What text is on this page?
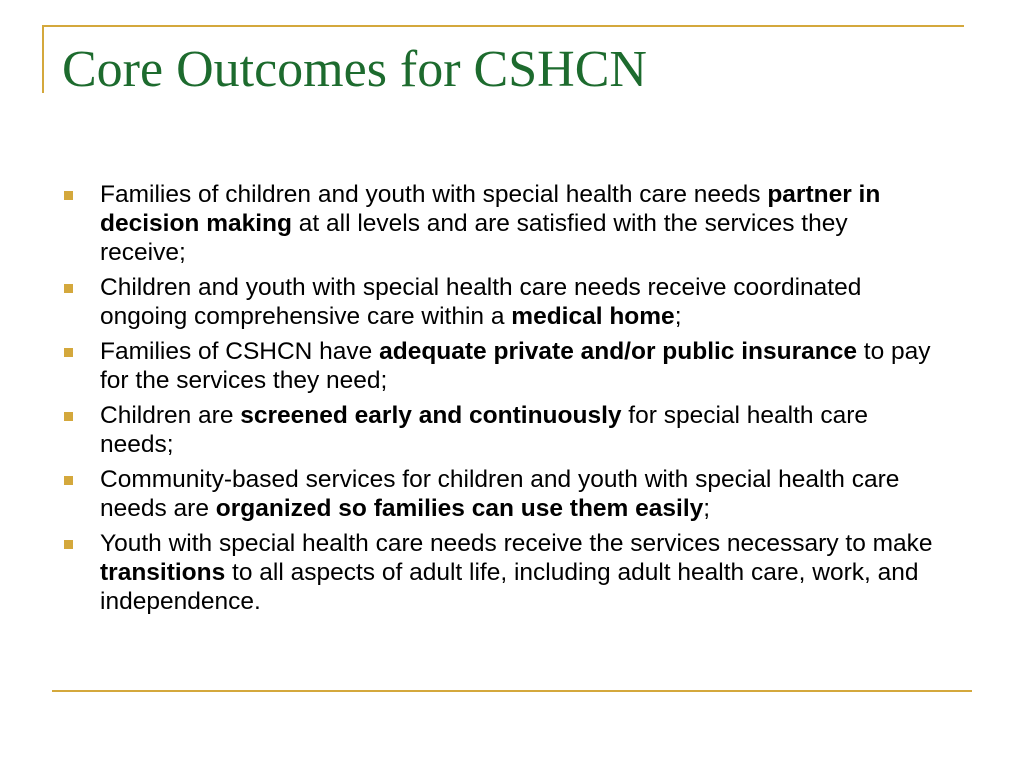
Core Outcomes for CSHCN
Families of children and youth with special health care needs partner in decision making at all levels and are satisfied with the services they receive;
Children and youth with special health care needs receive coordinated ongoing comprehensive care within a medical home;
Families of CSHCN have adequate private and/or public insurance to pay for the services they need;
Children are screened early and continuously for special health care needs;
Community-based services for children and youth with special health care needs are organized so families can use them easily;
Youth with special health care needs receive the services necessary to make transitions to all aspects of adult life, including adult health care, work, and independence.
